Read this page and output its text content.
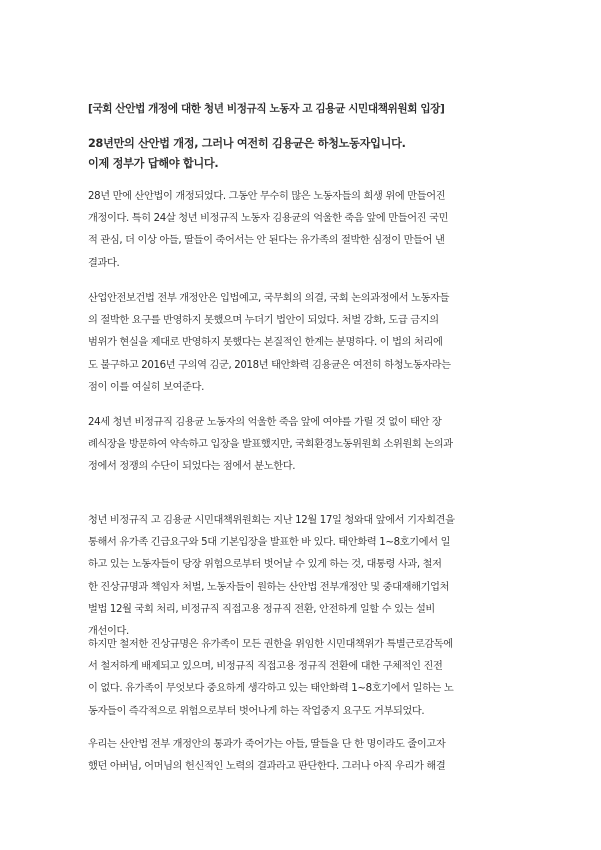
[국회 산안법 개정에 대한 청년 비정규직 노동자 고 김용균 시민대책위원회 입장]
28년만의 산안법 개정, 그러나 여전히 김용균은 하청노동자입니다.
이제 정부가 답해야 합니다.
28년 만에 산안법이 개정되었다. 그동안 무수히 많은 노동자들의 희생 위에 만들어진
개정이다. 특히 24살 청년 비정규직 노동자 김용균의 억울한 죽음 앞에 만들어진 국민
적 관심, 더 이상 아들, 딸들이 죽어서는 안 된다는 유가족의 절박한 심정이 만들어 낸
결과다.
산업안전보건법 전부 개정안은 입법예고, 국무회의 의결, 국회 논의과정에서 노동자들
의 절박한 요구를 반영하지 못했으며 누더기 법안이 되었다. 처벌 강화, 도급 금지의
범위가 현실을 제대로 반영하지 못했다는 본질적인 한계는 분명하다. 이 법의 처리에
도 불구하고 2016년 구의역 김군, 2018년 태안화력 김용균은 여전히 하청노동자라는
점이 이를 여실히 보여준다.
24세 청년 비정규직 김용균 노동자의 억울한 죽음 앞에 여야를 가릴 것 없이 태안 장
례식장을 방문하여 약속하고 입장을 발표했지만, 국회환경노동위원회 소위원회 논의과
정에서 정쟁의 수단이 되었다는 점에서 분노한다.
청년 비정규직 고 김용균 시민대책위원회는 지난 12월 17일 청와대 앞에서 기자회견을
통해서 유가족 긴급요구와 5대 기본입장을 발표한 바 있다. 태안화력 1~8호기에서 일
하고 있는 노동자들이 당장 위험으로부터 벗어날 수 있게 하는 것, 대통령 사과, 철저
한 진상규명과 책임자 처벌, 노동자들이 원하는 산안법 전부개정안 및 중대재해기업처
벌법 12월 국회 처리, 비정규직 직접고용 정규직 전환, 안전하게 일할 수 있는 설비
개선이다.
하지만 철저한 진상규명은 유가족이 모든 권한을 위임한 시민대책위가 특별근로감독에
서 철저하게 배제되고 있으며, 비정규직 직접고용 정규직 전환에 대한 구체적인 진전
이 없다. 유가족이 무엇보다 중요하게 생각하고 있는 태안화력 1~8호기에서 일하는 노
동자들이 즉각적으로 위험으로부터 벗어나게 하는 작업중지 요구도 거부되었다.
우리는 산안법 전부 개정안의 통과가 죽어가는 아들, 딸들을 단 한 명이라도 줄이고자
했던 아버님, 어머님의 헌신적인 노력의 결과라고 판단한다. 그러나 아직 우리가 해결
